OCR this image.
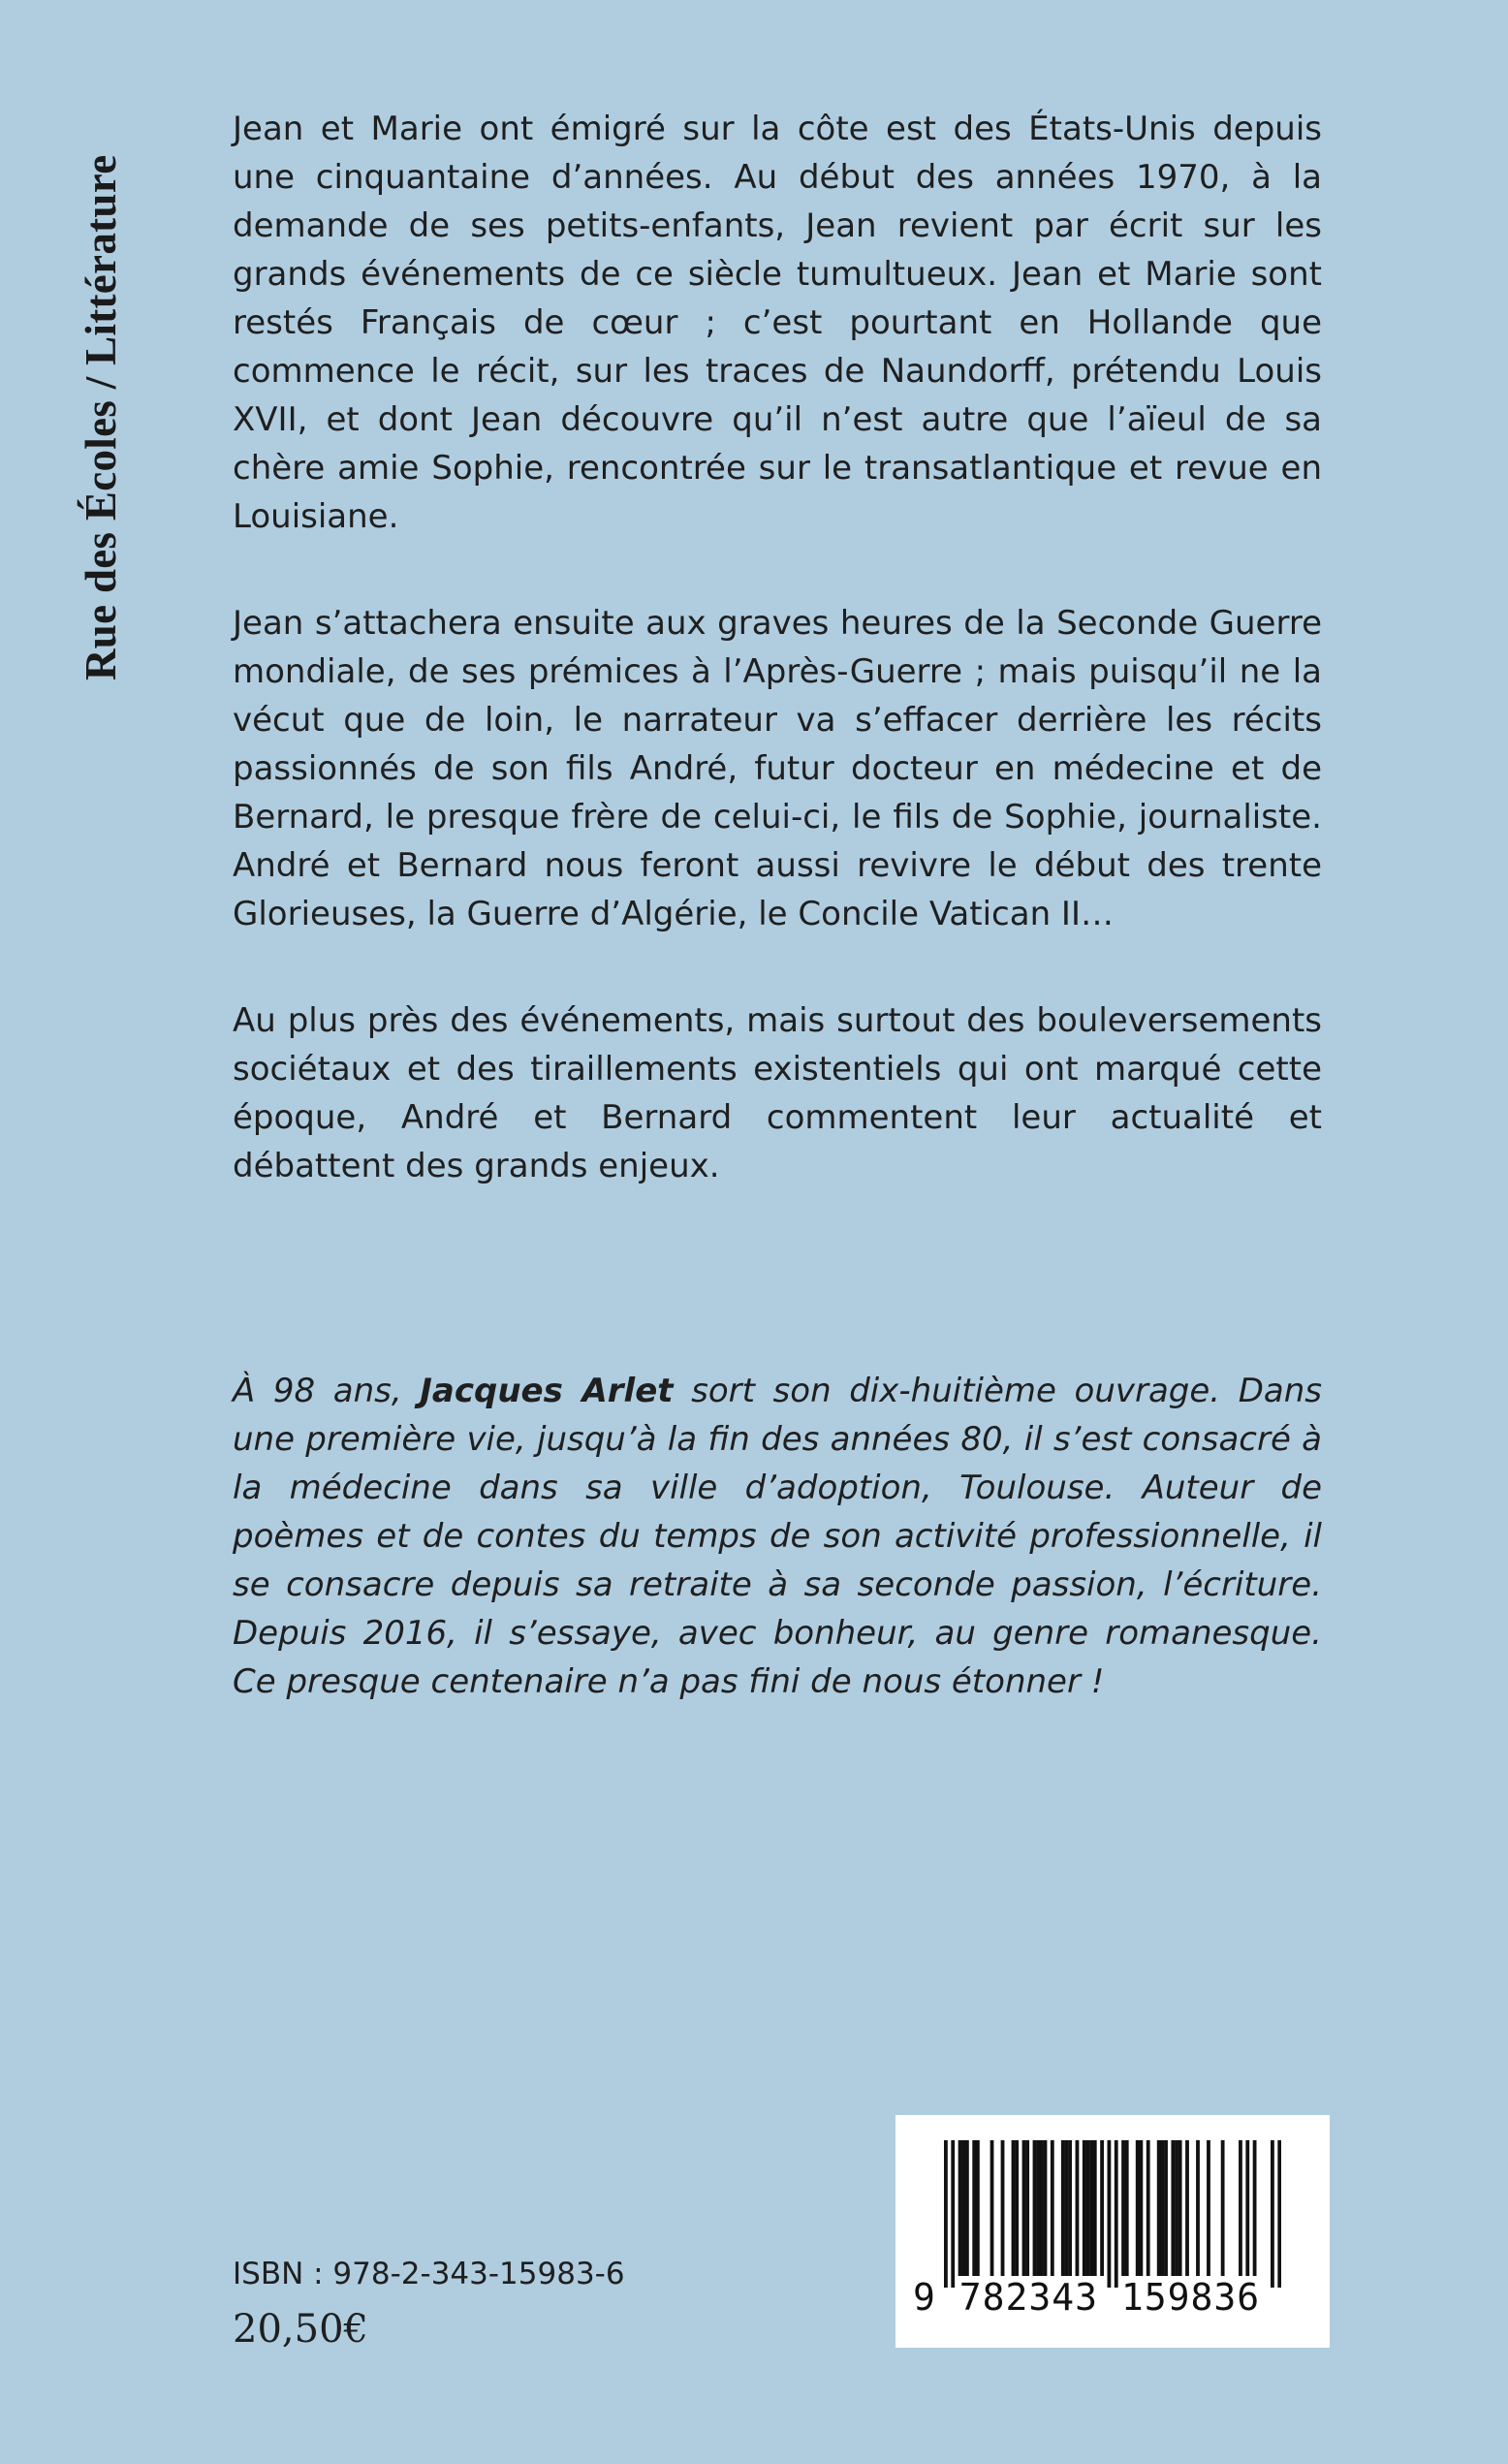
Rue des Écoles / Littérature

Jean et Marie ont émigré sur la côte est des États-Unis depuis une cinquantaine d’années. Au début des années 1970, à la demande de ses petits-enfants, Jean revient par écrit sur les grands événements de ce siècle tumultueux. Jean et Marie sont restés Français de cœur ; c’est pourtant en Hollande que commence le récit, sur les traces de Naundorff, prétendu Louis XVII, et dont Jean découvre qu’il n’est autre que l’aïeul de sa chère amie Sophie, rencontrée sur le transatlantique et revue en Louisiane.

Jean s’attachera ensuite aux graves heures de la Seconde Guerre mondiale, de ses prémices à l’Après-Guerre ; mais puisqu’il ne la vécut que de loin, le narrateur va s’effacer derrière les récits passionnés de son fils André, futur docteur en médecine et de Bernard, le presque frère de celui-ci, le fils de Sophie, journaliste. André et Bernard nous feront aussi revivre le début des trente Glorieuses, la Guerre d’Algérie, le Concile Vatican II…

Au plus près des événements, mais surtout des bouleversements sociétaux et des tiraillements existentiels qui ont marqué cette époque, André et Bernard commentent leur actualité et débattent des grands enjeux.

À 98 ans, Jacques Arlet sort son dix-huitième ouvrage. Dans une première vie, jusqu’à la fin des années 80, il s’est consacré à la médecine dans sa ville d’adoption, Toulouse. Auteur de poèmes et de contes du temps de son activité professionnelle, il se consacre depuis sa retraite à sa seconde passion, l’écriture. Depuis 2016, il s’essaye, avec bonheur, au genre romanesque. Ce presque centenaire n’a pas fini de nous étonner !

ISBN : 978-2-343-15983-6
20,50€
9 782343 159836
